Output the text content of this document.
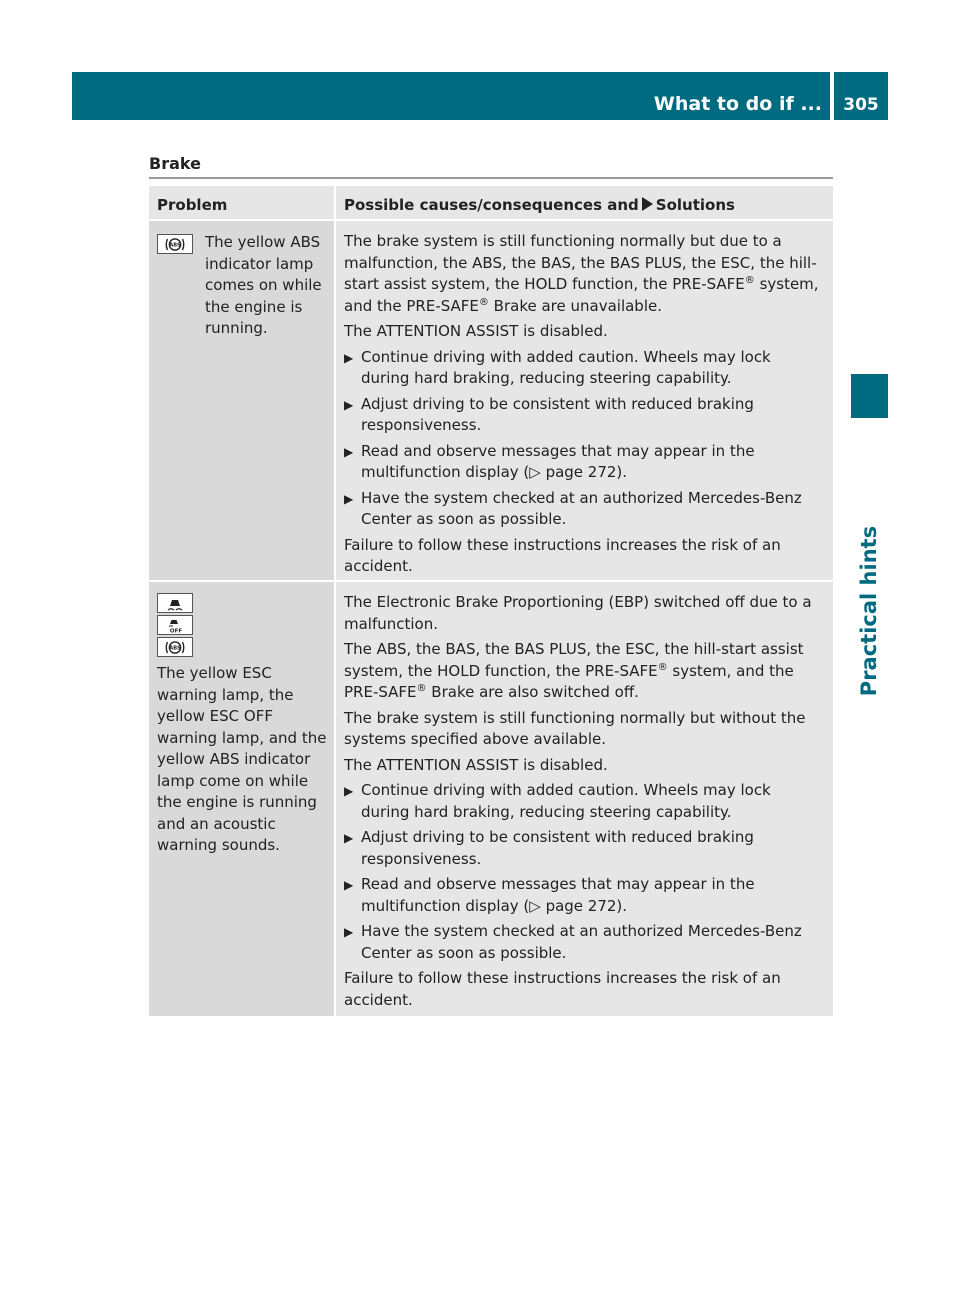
What to do if ...	305
Practical hints
Brake
Problem	Possible causes/consequences and Solutions
ABS The yellow ABS indicator lamp comes on while the engine is running.

The brake system is still functioning normally but due to a malfunction, the ABS, the BAS, the BAS PLUS, the ESC, the hill-start assist system, the HOLD function, the PRE-SAFE® system, and the PRE-SAFE® Brake are unavailable.

The ATTENTION ASSIST is disabled.

▶ Continue driving with added caution. Wheels may lock during hard braking, reducing steering capability.
▶ Adjust driving to be consistent with reduced braking responsiveness.
▶ Read and observe messages that may appear in the multifunction display (▷ page 272).
▶ Have the system checked at an authorized Mercedes-Benz Center as soon as possible.

Failure to follow these instructions increases the risk of an accident.

OFF
ABS
The yellow ESC warning lamp, the yellow ESC OFF warning lamp, and the yellow ABS indicator lamp come on while the engine is running and an acoustic warning sounds.

The Electronic Brake Proportioning (EBP) switched off due to a malfunction.

The ABS, the BAS, the BAS PLUS, the ESC, the hill-start assist system, the HOLD function, the PRE-SAFE® system, and the PRE-SAFE® Brake are also switched off.

The brake system is still functioning normally but without the systems specified above available.

The ATTENTION ASSIST is disabled.

▶ Continue driving with added caution. Wheels may lock during hard braking, reducing steering capability.
▶ Adjust driving to be consistent with reduced braking responsiveness.
▶ Read and observe messages that may appear in the multifunction display (▷ page 272).
▶ Have the system checked at an authorized Mercedes-Benz Center as soon as possible.

Failure to follow these instructions increases the risk of an accident.
